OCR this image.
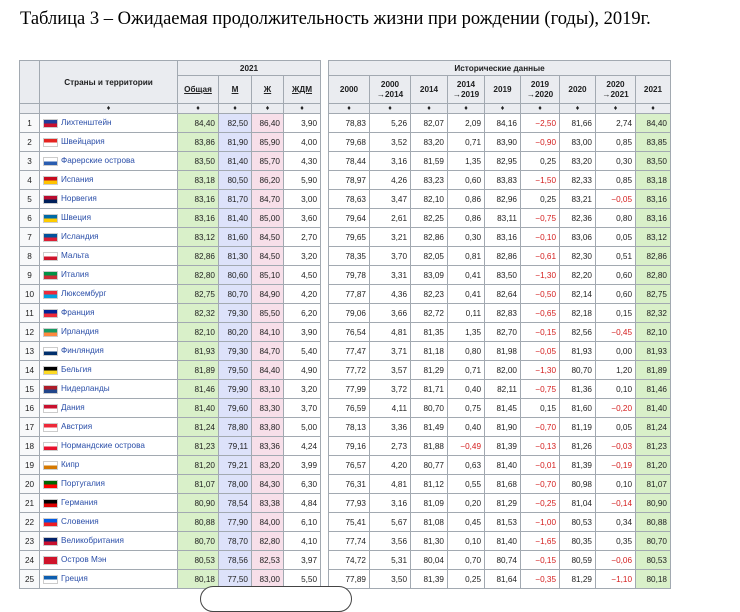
Таблица 3 – Ожидаемая продолжительность жизни при рождении (годы), 2019г.
	Страны и территории	2021					Исторические данные								
		Общая	М	Ж	ЖДМ		2000	2000
→2014	2014	2014
→2019	2019	2019
→2020	2020	2020
→2021	2021
	♦	♦	♦	♦	♦		♦	♦	♦	♦	♦	♦	♦	♦	♦
1	Лихтенштейн	84,40	82,50	86,40	3,90		78,83	5,26	82,07	2,09	84,16	−2,50	81,66	2,74	84,40
2	Швейцария	83,86	81,90	85,90	4,00		79,68	3,52	83,20	0,71	83,90	−0,90	83,00	0,85	83,85
3	Фарерские острова	83,50	81,40	85,70	4,30		78,44	3,16	81,59	1,35	82,95	0,25	83,20	0,30	83,50
4	Испания	83,18	80,50	86,20	5,90		78,97	4,26	83,23	0,60	83,83	−1,50	82,33	0,85	83,18
5	Норвегия	83,16	81,70	84,70	3,00		78,63	3,47	82,10	0,86	82,96	0,25	83,21	−0,05	83,16
6	Швеция	83,16	81,40	85,00	3,60		79,64	2,61	82,25	0,86	83,11	−0,75	82,36	0,80	83,16
7	Исландия	83,12	81,60	84,50	2,70		79,65	3,21	82,86	0,30	83,16	−0,10	83,06	0,05	83,12
8	Мальта	82,86	81,30	84,50	3,20		78,35	3,70	82,05	0,81	82,86	−0,61	82,30	0,51	82,86
9	Италия	82,80	80,60	85,10	4,50		79,78	3,31	83,09	0,41	83,50	−1,30	82,20	0,60	82,80
10	Люксембург	82,75	80,70	84,90	4,20		77,87	4,36	82,23	0,41	82,64	−0,50	82,14	0,60	82,75
11	Франция	82,32	79,30	85,50	6,20		79,06	3,66	82,72	0,11	82,83	−0,65	82,18	0,15	82,32
12	Ирландия	82,10	80,20	84,10	3,90		76,54	4,81	81,35	1,35	82,70	−0,15	82,56	−0,45	82,10
13	Финляндия	81,93	79,30	84,70	5,40		77,47	3,71	81,18	0,80	81,98	−0,05	81,93	0,00	81,93
14	Бельгия	81,89	79,50	84,40	4,90		77,72	3,57	81,29	0,71	82,00	−1,30	80,70	1,20	81,89
15	Нидерланды	81,46	79,90	83,10	3,20		77,99	3,72	81,71	0,40	82,11	−0,75	81,36	0,10	81,46
16	Дания	81,40	79,60	83,30	3,70		76,59	4,11	80,70	0,75	81,45	0,15	81,60	−0,20	81,40
17	Австрия	81,24	78,80	83,80	5,00		78,13	3,36	81,49	0,40	81,90	−0,70	81,19	0,05	81,24
18	Нормандские острова	81,23	79,11	83,36	4,24		79,16	2,73	81,88	−0,49	81,39	−0,13	81,26	−0,03	81,23
19	Кипр	81,20	79,21	83,20	3,99		76,57	4,20	80,77	0,63	81,40	−0,01	81,39	−0,19	81,20
20	Португалия	81,07	78,00	84,30	6,30		76,31	4,81	81,12	0,55	81,68	−0,70	80,98	0,10	81,07
21	Германия	80,90	78,54	83,38	4,84		77,93	3,16	81,09	0,20	81,29	−0,25	81,04	−0,14	80,90
22	Словения	80,88	77,90	84,00	6,10		75,41	5,67	81,08	0,45	81,53	−1,00	80,53	0,34	80,88
23	Великобритания	80,70	78,70	82,80	4,10		77,74	3,56	81,30	0,10	81,40	−1,65	80,35	0,35	80,70
24	Остров Мэн	80,53	78,56	82,53	3,97		74,72	5,31	80,04	0,70	80,74	−0,15	80,59	−0,06	80,53
25	Греция	80,18	77,50	83,00	5,50		77,89	3,50	81,39	0,25	81,64	−0,35	81,29	−1,10	80,18
